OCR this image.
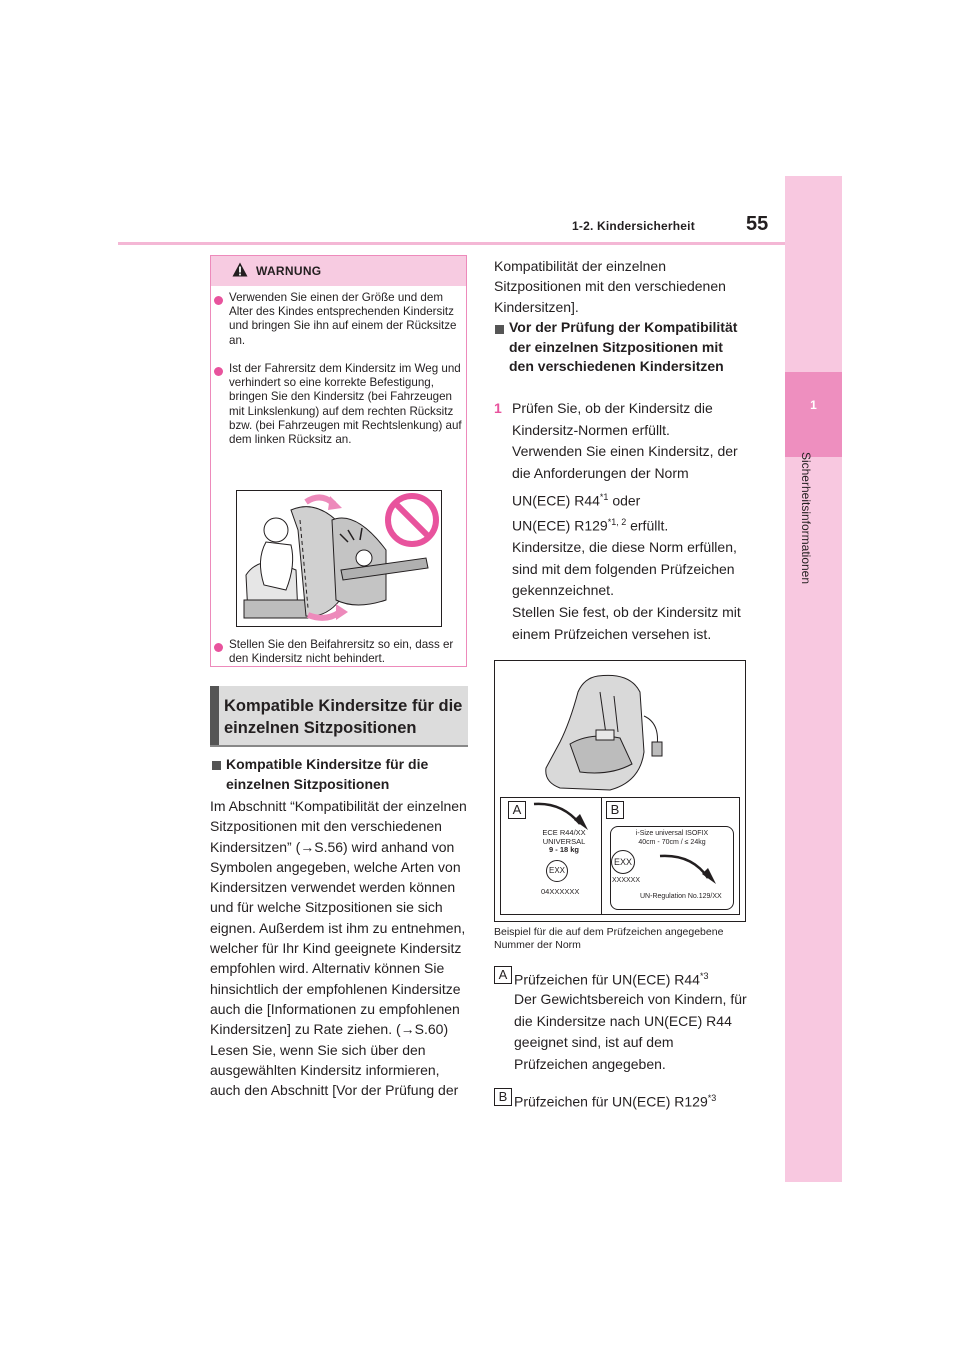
1-2. Kindersicherheit	55
1
Sicherheitsinformationen
WARNUNG
Verwenden Sie einen der Größe und dem Alter des Kindes entsprechenden Kindersitz und bringen Sie ihn auf einem der Rücksitze an.
Ist der Fahrersitz dem Kindersitz im Weg und verhindert so eine korrekte Befestigung, bringen Sie den Kindersitz (bei Fahrzeugen mit Linkslenkung) auf dem rechten Rücksitz bzw. (bei Fahrzeugen mit Rechtslenkung) auf dem linken Rücksitz an.
Stellen Sie den Beifahrersitz so ein, dass er den Kindersitz nicht behindert.
Kompatible Kindersitze für die einzelnen Sitzpositionen
Kompatible Kindersitze für die einzelnen Sitzpositionen
Im Abschnitt “Kompatibilität der einzelnen Sitzpositionen mit den verschiedenen Kindersitzen” (→S.56) wird anhand von Symbolen angegeben, welche Arten von Kindersitzen verwendet werden können und für welche Sitzpositionen sie sich eignen. Außerdem ist ihm zu entnehmen, welcher für Ihr Kind geeignete Kindersitz empfohlen wird. Alternativ können Sie hinsichtlich der empfohlenen Kindersitze auch die [Informationen zu empfohlenen Kindersitzen] zu Rate ziehen. (→S.60) Lesen Sie, wenn Sie sich über den ausgewählten Kindersitz informieren, auch den Abschnitt [Vor der Prüfung der
Kompatibilität der einzelnen Sitzpositionen mit den verschiedenen Kindersitzen].
Vor der Prüfung der Kompatibilität der einzelnen Sitzpositionen mit den verschiedenen Kindersitzen
1 Prüfen Sie, ob der Kindersitz die Kindersitz-Normen erfüllt.
Verwenden Sie einen Kindersitz, der die Anforderungen der Norm
UN(ECE) R44$^{*1}$ oder
UN(ECE) R129$^{*1, 2}$ erfüllt.
Kindersitze, die diese Norm erfüllen, sind mit dem folgenden Prüfzeichen gekennzeichnet.
Stellen Sie fest, ob der Kindersitz mit einem Prüfzeichen versehen ist.
A	B
ECE R44/XX
UNIVERSAL
9 - 18 kg
EXX
04XXXXXX
i-Size universal ISOFIX
40cm - 70cm / ≤ 24kg
EXX
XXXXXX
UN-Regulation No.129/XX
Beispiel für die auf dem Prüfzeichen angegebene Nummer der Norm
A Prüfzeichen für UN(ECE) R44$^{*3}$
Der Gewichtsbereich von Kindern, für die Kindersitze nach UN(ECE) R44 geeignet sind, ist auf dem Prüfzeichen angegeben.
B Prüfzeichen für UN(ECE) R129$^{*3}$
